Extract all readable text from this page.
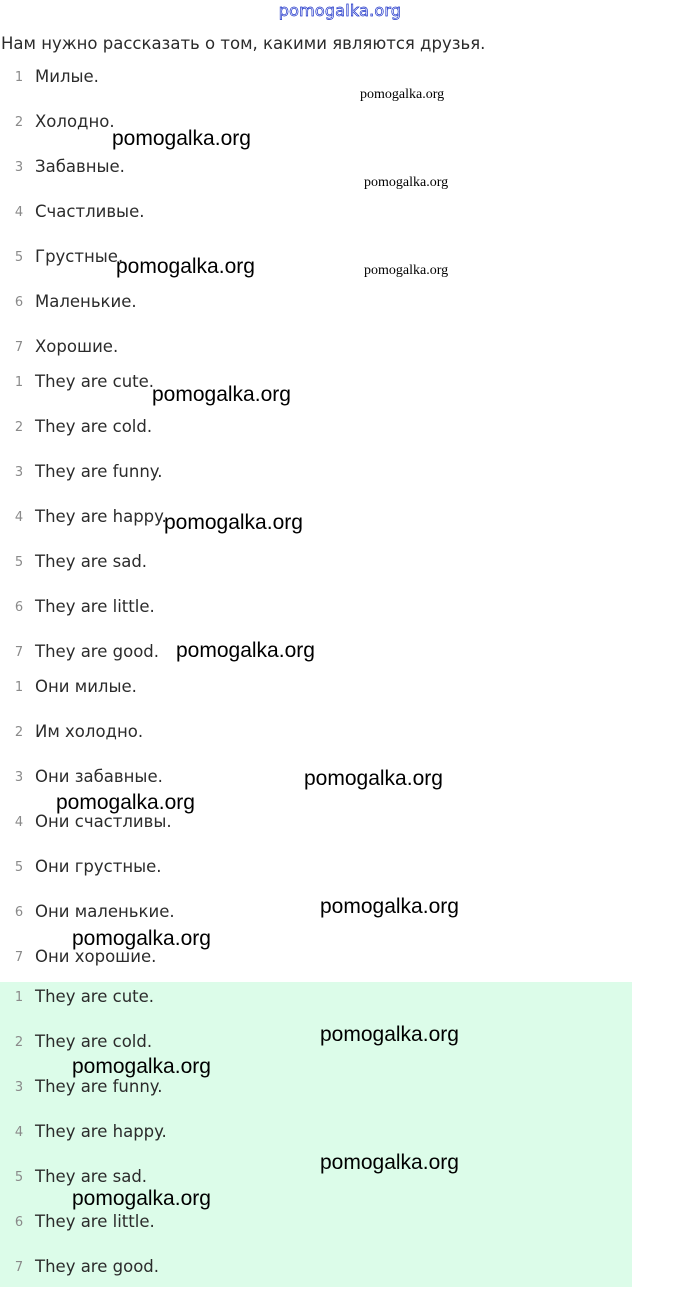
pomogalka.org
Нам нужно рассказать о том, какими являются друзья.
1 Милые.
2 Холодно.
3 Забавные.
4 Счастливые.
5 Грустные.
6 Маленькие.
7 Хорошие.
1 They are cute.
2 They are cold.
3 They are funny.
4 They are happy.
5 They are sad.
6 They are little.
7 They are good.
1 Они милые.
2 Им холодно.
3 Они забавные.
4 Они счастливы.
5 Они грустные.
6 Они маленькие.
7 Они хорошие.
1 They are cute.
2 They are cold.
3 They are funny.
4 They are happy.
5 They are sad.
6 They are little.
7 They are good.
pomogalka.org
pomogalka.org
pomogalka.org
pomogalka.org	pomogalka.org
pomogalka.org
pomogalka.org
pomogalka.org
pomogalka.org
pomogalka.org
pomogalka.org
pomogalka.org
pomogalka.org
pomogalka.org
pomogalka.org
pomogalka.org
